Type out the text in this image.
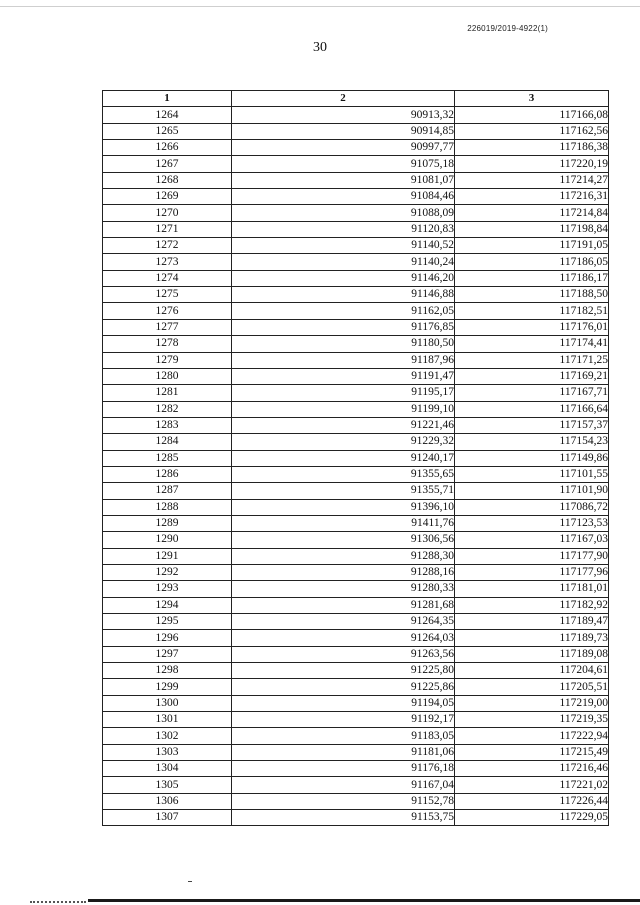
226019/2019-4922(1)
30
1	2	3
1264	90913,32	117166,08
1265	90914,85	117162,56
1266	90997,77	117186,38
1267	91075,18	117220,19
1268	91081,07	117214,27
1269	91084,46	117216,31
1270	91088,09	117214,84
1271	91120,83	117198,84
1272	91140,52	117191,05
1273	91140,24	117186,05
1274	91146,20	117186,17
1275	91146,88	117188,50
1276	91162,05	117182,51
1277	91176,85	117176,01
1278	91180,50	117174,41
1279	91187,96	117171,25
1280	91191,47	117169,21
1281	91195,17	117167,71
1282	91199,10	117166,64
1283	91221,46	117157,37
1284	91229,32	117154,23
1285	91240,17	117149,86
1286	91355,65	117101,55
1287	91355,71	117101,90
1288	91396,10	117086,72
1289	91411,76	117123,53
1290	91306,56	117167,03
1291	91288,30	117177,90
1292	91288,16	117177,96
1293	91280,33	117181,01
1294	91281,68	117182,92
1295	91264,35	117189,47
1296	91264,03	117189,73
1297	91263,56	117189,08
1298	91225,80	117204,61
1299	91225,86	117205,51
1300	91194,05	117219,00
1301	91192,17	117219,35
1302	91183,05	117222,94
1303	91181,06	117215,49
1304	91176,18	117216,46
1305	91167,04	117221,02
1306	91152,78	117226,44
1307	91153,75	117229,05
